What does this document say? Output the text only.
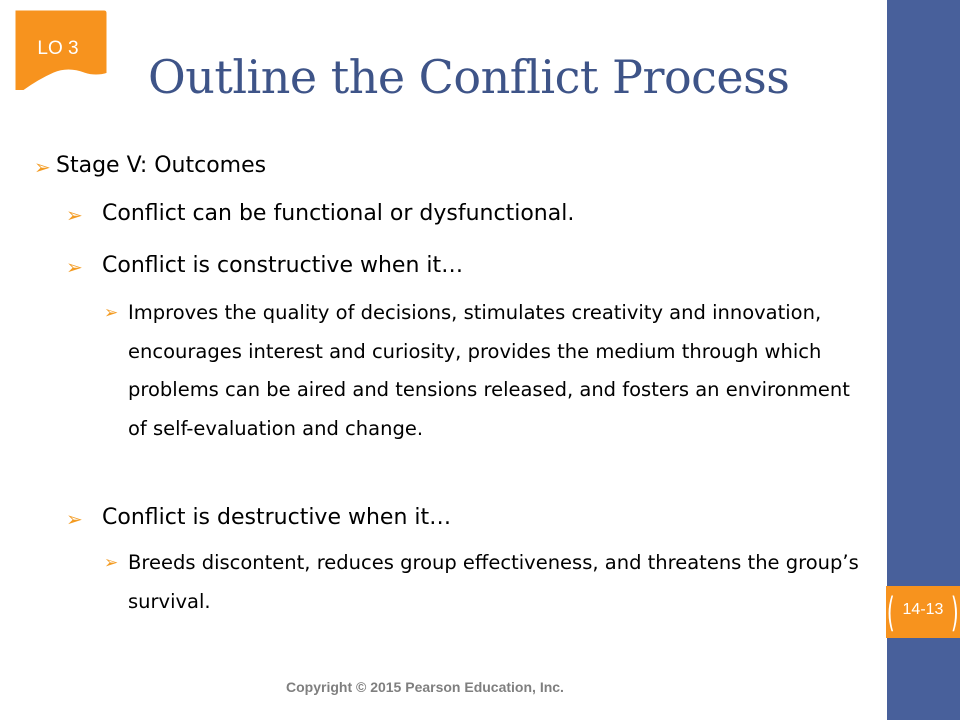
LO 3
Outline the Conflict Process
➢ Stage V: Outcomes
➢ Conflict can be functional or dysfunctional.
➢ Conflict is constructive when it…
➢ Improves the quality of decisions, stimulates creativity and innovation, encourages interest and curiosity, provides the medium through which problems can be aired and tensions released, and fosters an environment of self-evaluation and change.
➢ Conflict is destructive when it…
➢ Breeds discontent, reduces group effectiveness, and threatens the group’s survival.	( 14-13 )
Copyright © 2015 Pearson Education, Inc.
